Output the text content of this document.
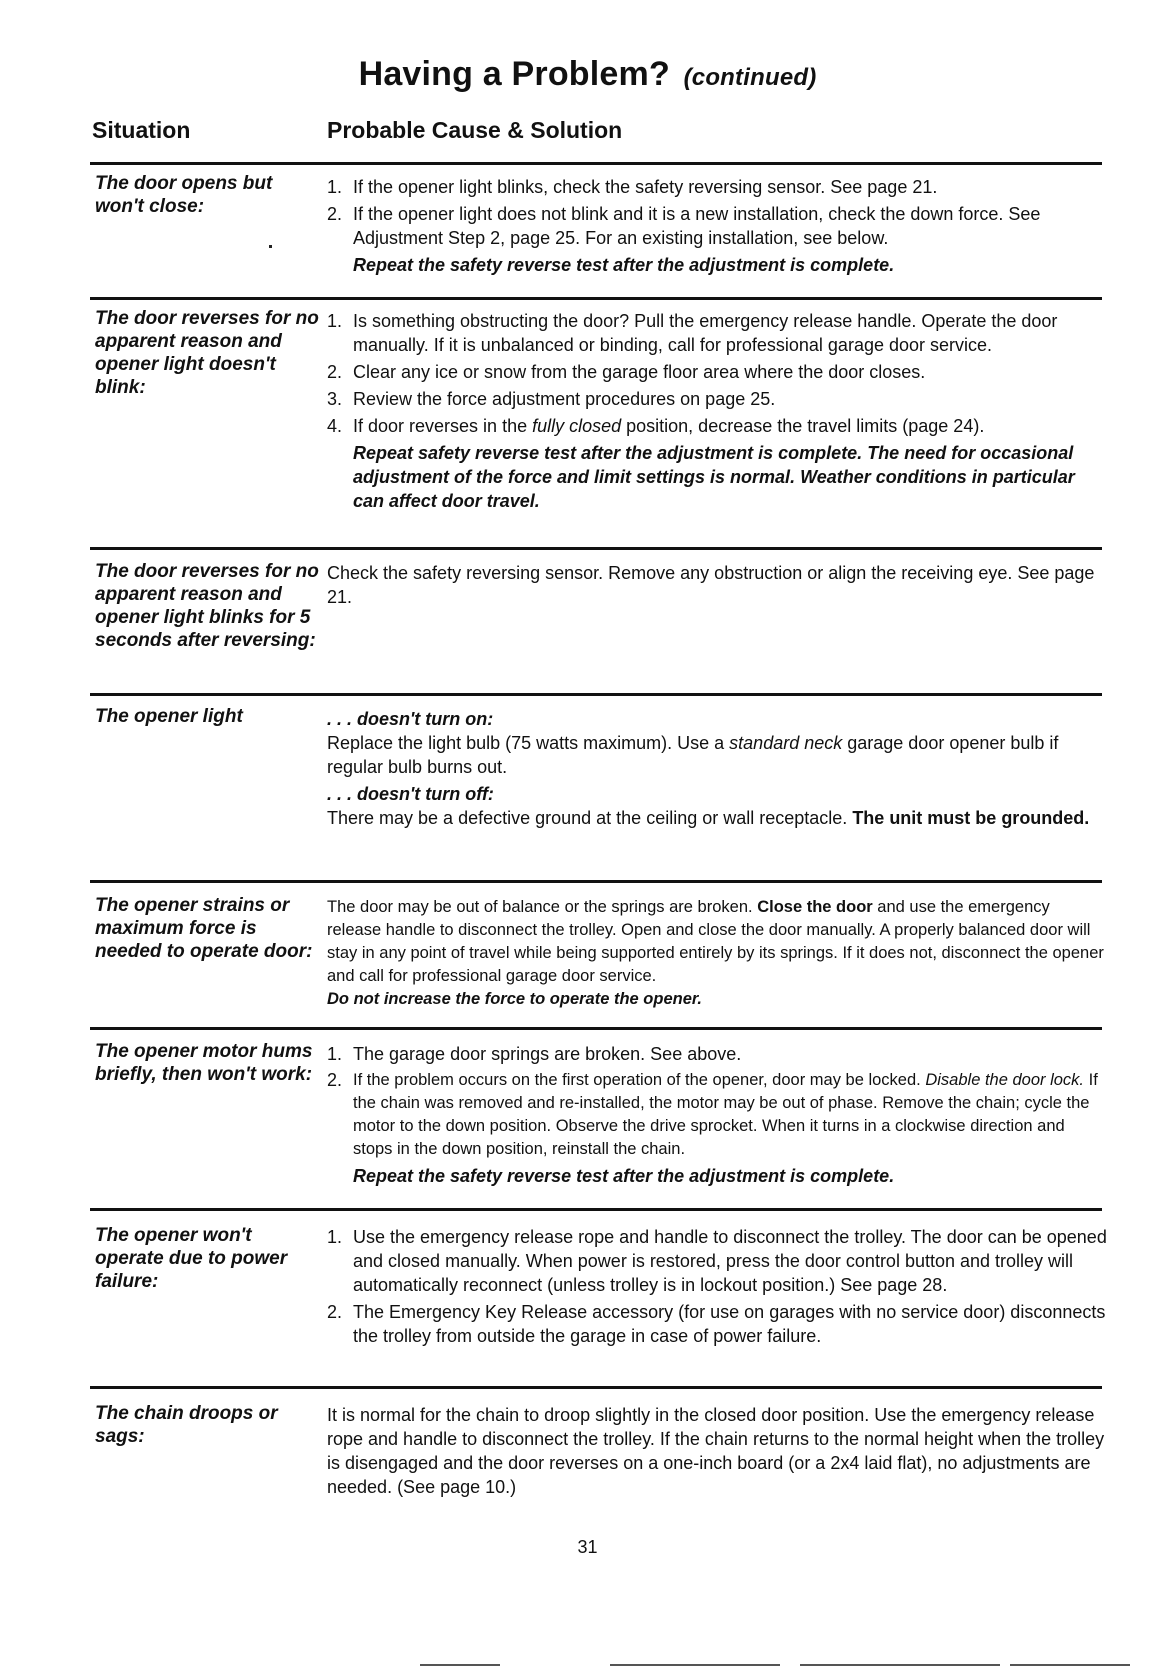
Having a Problem? (continued)
Situation	Probable Cause & Solution
The door opens but won't close:
1. If the opener light blinks, check the safety reversing sensor. See page 21.
2. If the opener light does not blink and it is a new installation, check the down force. See Adjustment Step 2, page 25. For an existing installation, see below.

Repeat the safety reverse test after the adjustment is complete.

The door reverses for no apparent reason and opener light doesn't blink:
1. Is something obstructing the door? Pull the emergency release handle. Operate the door manually. If it is unbalanced or binding, call for professional garage door service.
2. Clear any ice or snow from the garage floor area where the door closes.
3. Review the force adjustment procedures on page 25.
4. If door reverses in the fully closed position, decrease the travel limits (page 24).

Repeat safety reverse test after the adjustment is complete. The need for occasional adjustment of the force and limit settings is normal. Weather conditions in particular can affect door travel.

The door reverses for no apparent reason and opener light blinks for 5 seconds after reversing:

Check the safety reversing sensor. Remove any obstruction or align the receiving eye. See page 21.

The opener light	. . . doesn't turn on:

Replace the light bulb (75 watts maximum). Use a standard neck garage door opener bulb if regular bulb burns out.

. . . doesn't turn off:

There may be a defective ground at the ceiling or wall receptacle. The unit must be grounded.

The opener strains or maximum force is needed to operate door:

The door may be out of balance or the springs are broken. Close the door and use the emergency release handle to disconnect the trolley. Open and close the door manually. A properly balanced door will stay in any point of travel while being supported entirely by its springs. If it does not, disconnect the opener and call for professional garage door service.

Do not increase the force to operate the opener.

The opener motor hums briefly, then won't work:
1. The garage door springs are broken. See above.
2. If the problem occurs on the first operation of the opener, door may be locked. Disable the door lock. If the chain was removed and re-installed, the motor may be out of phase. Remove the chain; cycle the motor to the down position. Observe the drive sprocket. When it turns in a clockwise direction and stops in the down position, reinstall the chain.

Repeat the safety reverse test after the adjustment is complete.

The opener won't operate due to power failure:
1. Use the emergency release rope and handle to disconnect the trolley. The door can be opened and closed manually. When power is restored, press the door control button and trolley will automatically reconnect (unless trolley is in lockout position.) See page 28.
2. The Emergency Key Release accessory (for use on garages with no service door) disconnects the trolley from outside the garage in case of power failure.
The chain droops or sags:

It is normal for the chain to droop slightly in the closed door position. Use the emergency release rope and handle to disconnect the trolley. If the chain returns to the normal height when the trolley is disengaged and the door reverses on a one-inch board (or a 2x4 laid flat), no adjustments are needed. (See page 10.)

31
